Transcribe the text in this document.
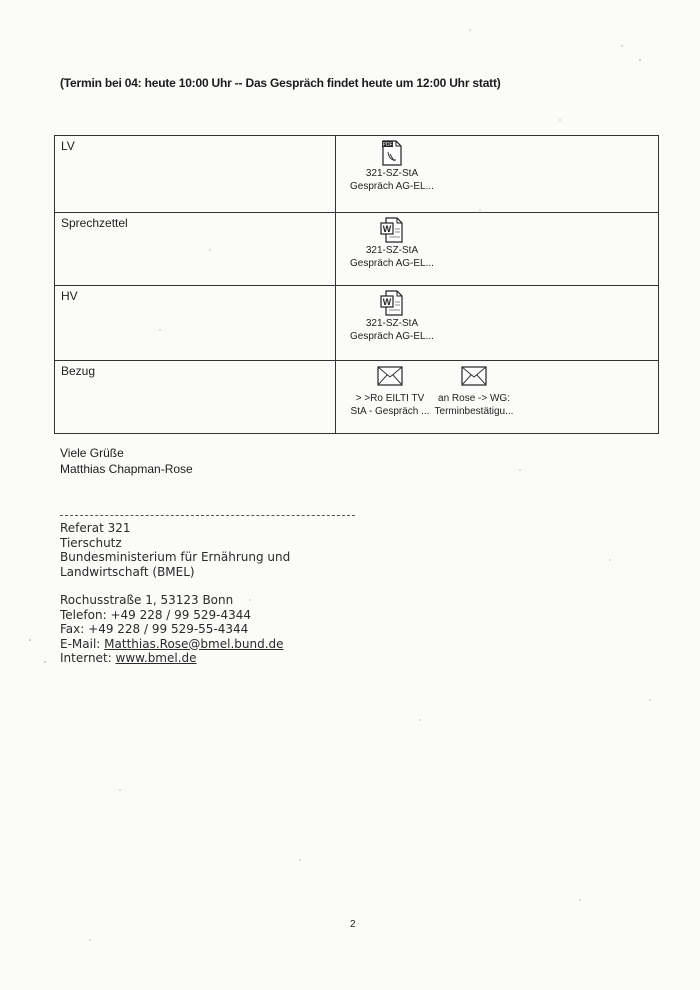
(Termin bei 04: heute 10:00 Uhr -- Das Gespräch findet heute um 12:00 Uhr statt)
LV	PDF
321-SZ-StA
Gespräch AG-EL...

Sprechzettel	W
321-SZ-StA
Gespräch AG-EL...

HV	W
321-SZ-StA
Gespräch AG-EL...

Bezug	> >Ro EILTI TV
StA - Gespräch ...
an Rose -> WG:
Terminbestätigu...
Viele Grüße
Matthias Chapman-Rose
Referat 321
Tierschutz
Bundesministerium für Ernährung und
Landwirtschaft (BMEL)
Rochusstraße 1, 53123 Bonn
Telefon: +49 228 / 99 529-4344
Fax: +49 228 / 99 529-55-4344
E-Mail: Matthias.Rose@bmel.bund.de
Internet: www.bmel.de
2
